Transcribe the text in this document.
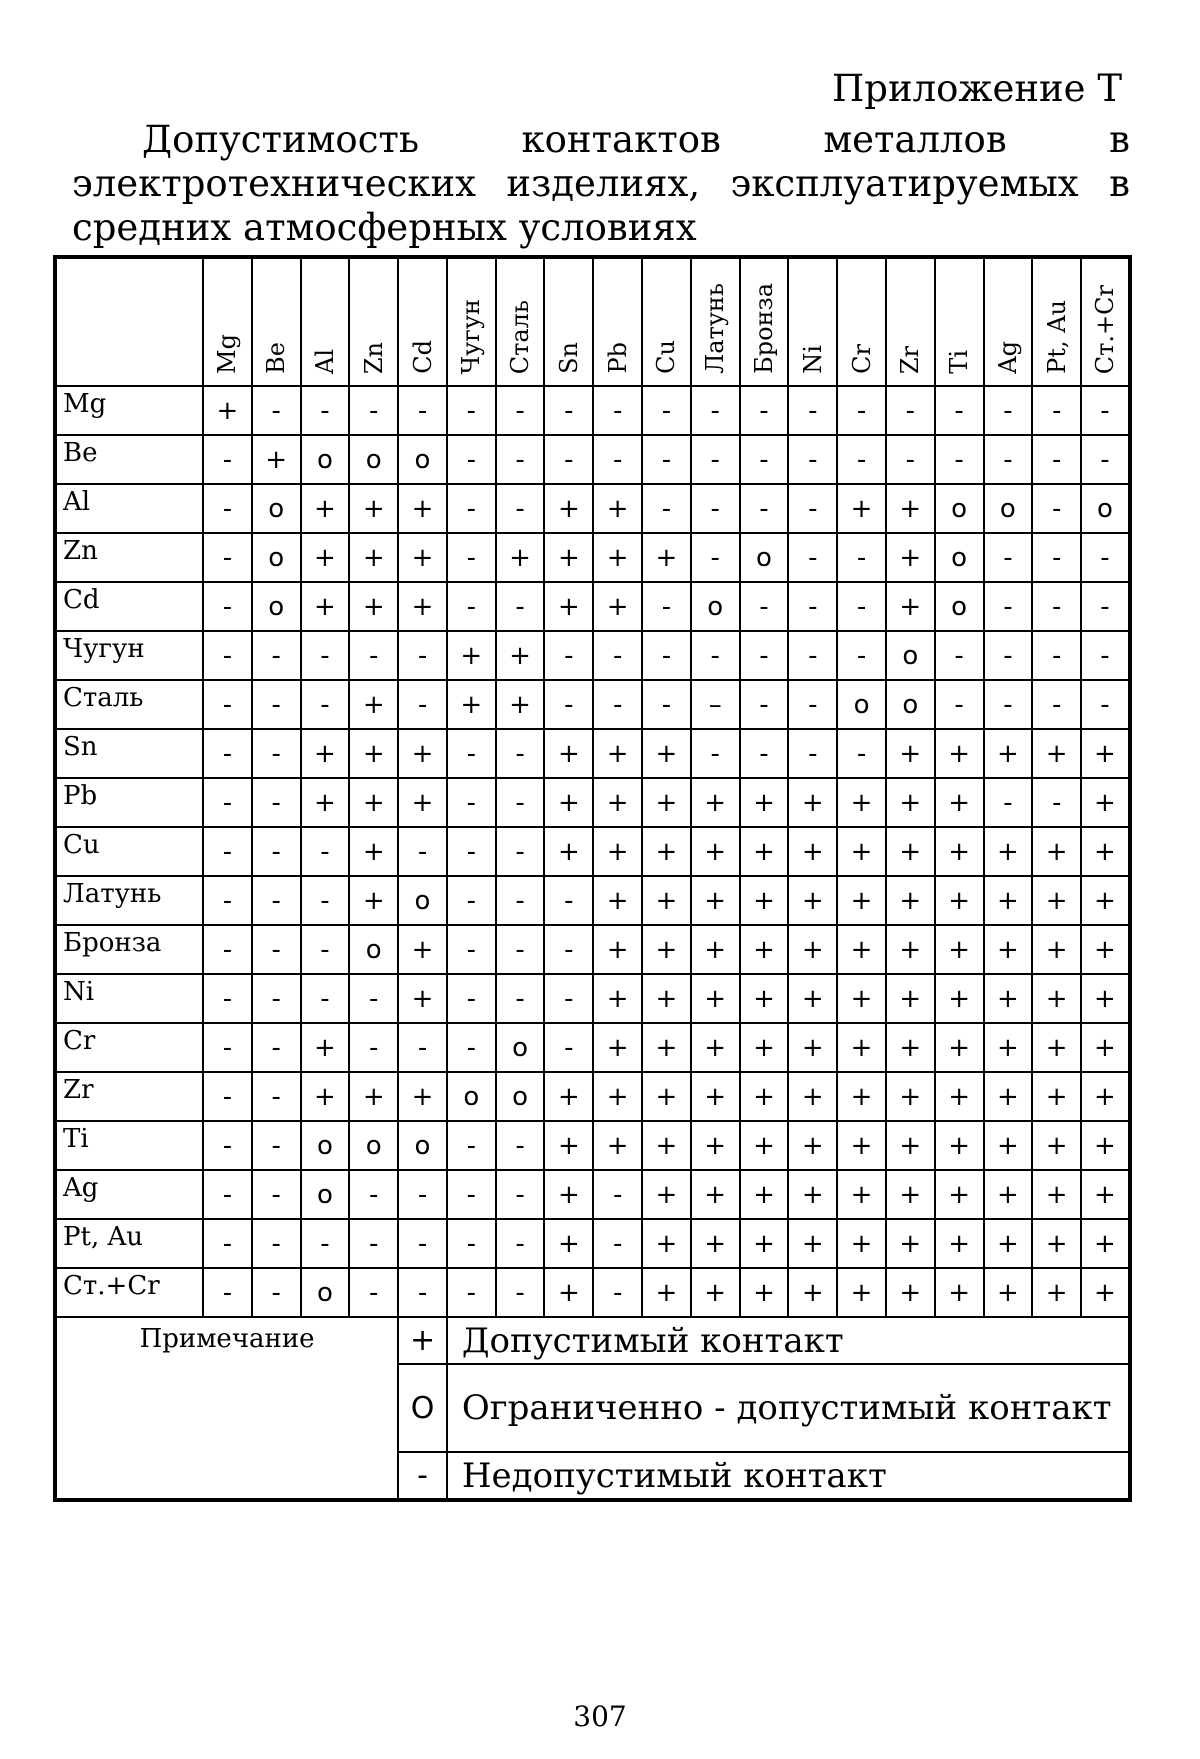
Приложение Т
Допустимость	контактов	металлов	в
электротехнических изделиях, эксплуатируемых в
средних атмосферных условиях
	Mg	Be	Al	Zn	Cd	Чугун	Сталь	Sn	Pb	Cu	Латунь	Бронза	Ni	Cr	Zr	Ti	Ag	Pt, Au	Ст.+Cr
Mg	+	-	-	-	-	-	-	-	-	-	-	-	-	-	-	-	-	-	-
Be	-	+	o	o	o	-	-	-	-	-	-	-	-	-	-	-	-	-	-
Al	-	o	+	+	+	-	-	+	+	-	-	-	-	+	+	o	o	-	o
Zn	-	o	+	+	+	-	+	+	+	+	-	o	-	-	+	o	-	-	-
Cd	-	o	+	+	+	-	-	+	+	-	o	-	-	-	+	o	-	-	-
Чугун	-	-	-	-	-	+	+	-	-	-	-	-	-	-	o	-	-	-	-
Сталь	-	-	-	+	-	+	+	-	-	-	–	-	-	o	o	-	-	-	-
Sn	-	-	+	+	+	-	-	+	+	+	-	-	-	-	+	+	+	+	+
Pb	-	-	+	+	+	-	-	+	+	+	+	+	+	+	+	+	-	-	+
Cu	-	-	-	+	-	-	-	+	+	+	+	+	+	+	+	+	+	+	+
Латунь	-	-	-	+	o	-	-	-	+	+	+	+	+	+	+	+	+	+	+
Бронза	-	-	-	o	+	-	-	-	+	+	+	+	+	+	+	+	+	+	+
Ni	-	-	-	-	+	-	-	-	+	+	+	+	+	+	+	+	+	+	+
Cr	-	-	+	-	-	-	o	-	+	+	+	+	+	+	+	+	+	+	+
Zr	-	-	+	+	+	o	o	+	+	+	+	+	+	+	+	+	+	+	+
Ti	-	-	o	o	o	-	-	+	+	+	+	+	+	+	+	+	+	+	+
Ag	-	-	o	-	-	-	-	+	-	+	+	+	+	+	+	+	+	+	+
Pt, Au	-	-	-	-	-	-	-	+	-	+	+	+	+	+	+	+	+	+	+
Ст.+Cr	-	-	o	-	-	-	-	+	-	+	+	+	+	+	+	+	+	+	+
Примечание					+	Допустимый контакт													
					O	Ограниченно - допустимый контакт													
					-	Недопустимый контакт													
307
